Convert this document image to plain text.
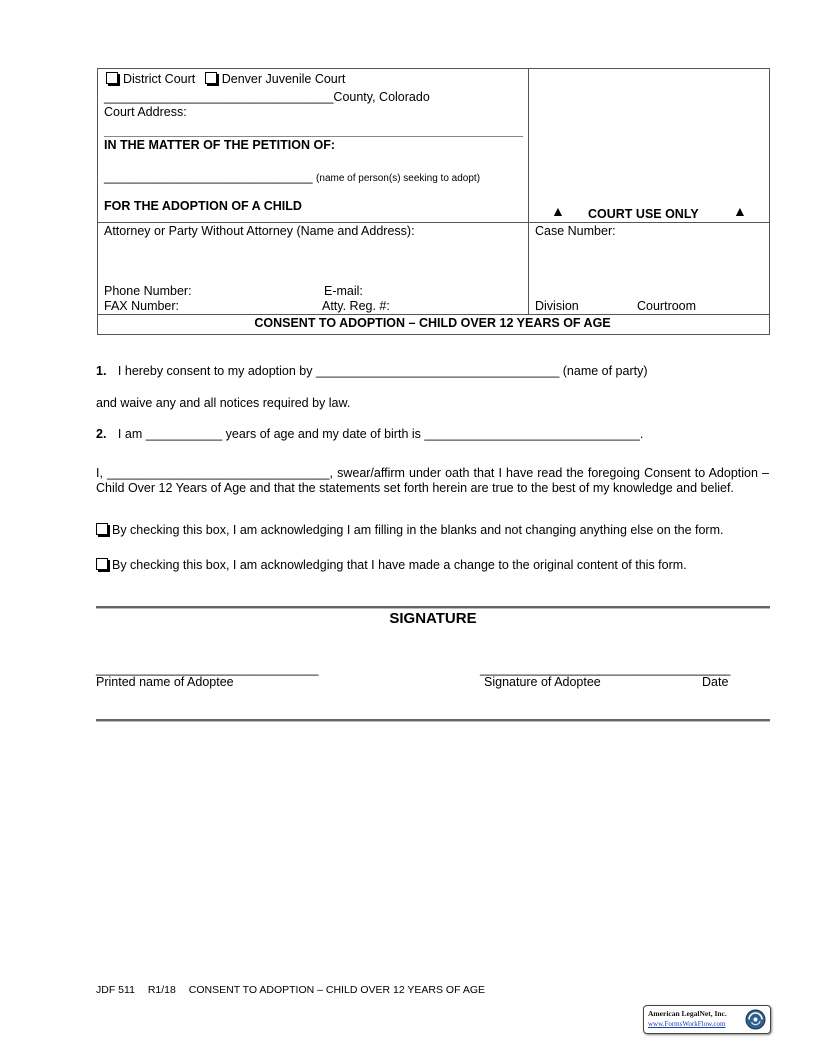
District Court Denver Juvenile Court
_________________________________County, Colorado
Court Address:
IN THE MATTER OF THE PETITION OF:
______________________________ (name of person(s) seeking to adopt)
FOR THE ADOPTION OF A CHILD	▲ COURT USE ONLY ▲
Attorney or Party Without Attorney (Name and Address):
Phone Number:	E-mail:
FAX Number:	Atty. Reg. #:
Case Number:
Division	Courtroom
CONSENT TO ADOPTION – CHILD OVER 12 YEARS OF AGE
1. I hereby consent to my adoption by ___________________________________ (name of party)
and waive any and all notices required by law.
2. I am ___________ years of age and my date of birth is _______________________________.
I, ________________________________, swear/affirm under oath that I have read the foregoing Consent to Adoption – Child Over 12 Years of Age and that the statements set forth herein are true to the best of my knowledge and belief.
By checking this box, I am acknowledging I am filling in the blanks and not changing anything else on the form.
By checking this box, I am acknowledging that I have made a change to the original content of this form.
SIGNATURE
________________________________
Printed name of Adoptee
____________________________________
Signature of Adoptee	Date
JDF 511 R1/18 CONSENT TO ADOPTION – CHILD OVER 12 YEARS OF AGE
American LegalNet, Inc.
www.FormsWorkFlow.com
